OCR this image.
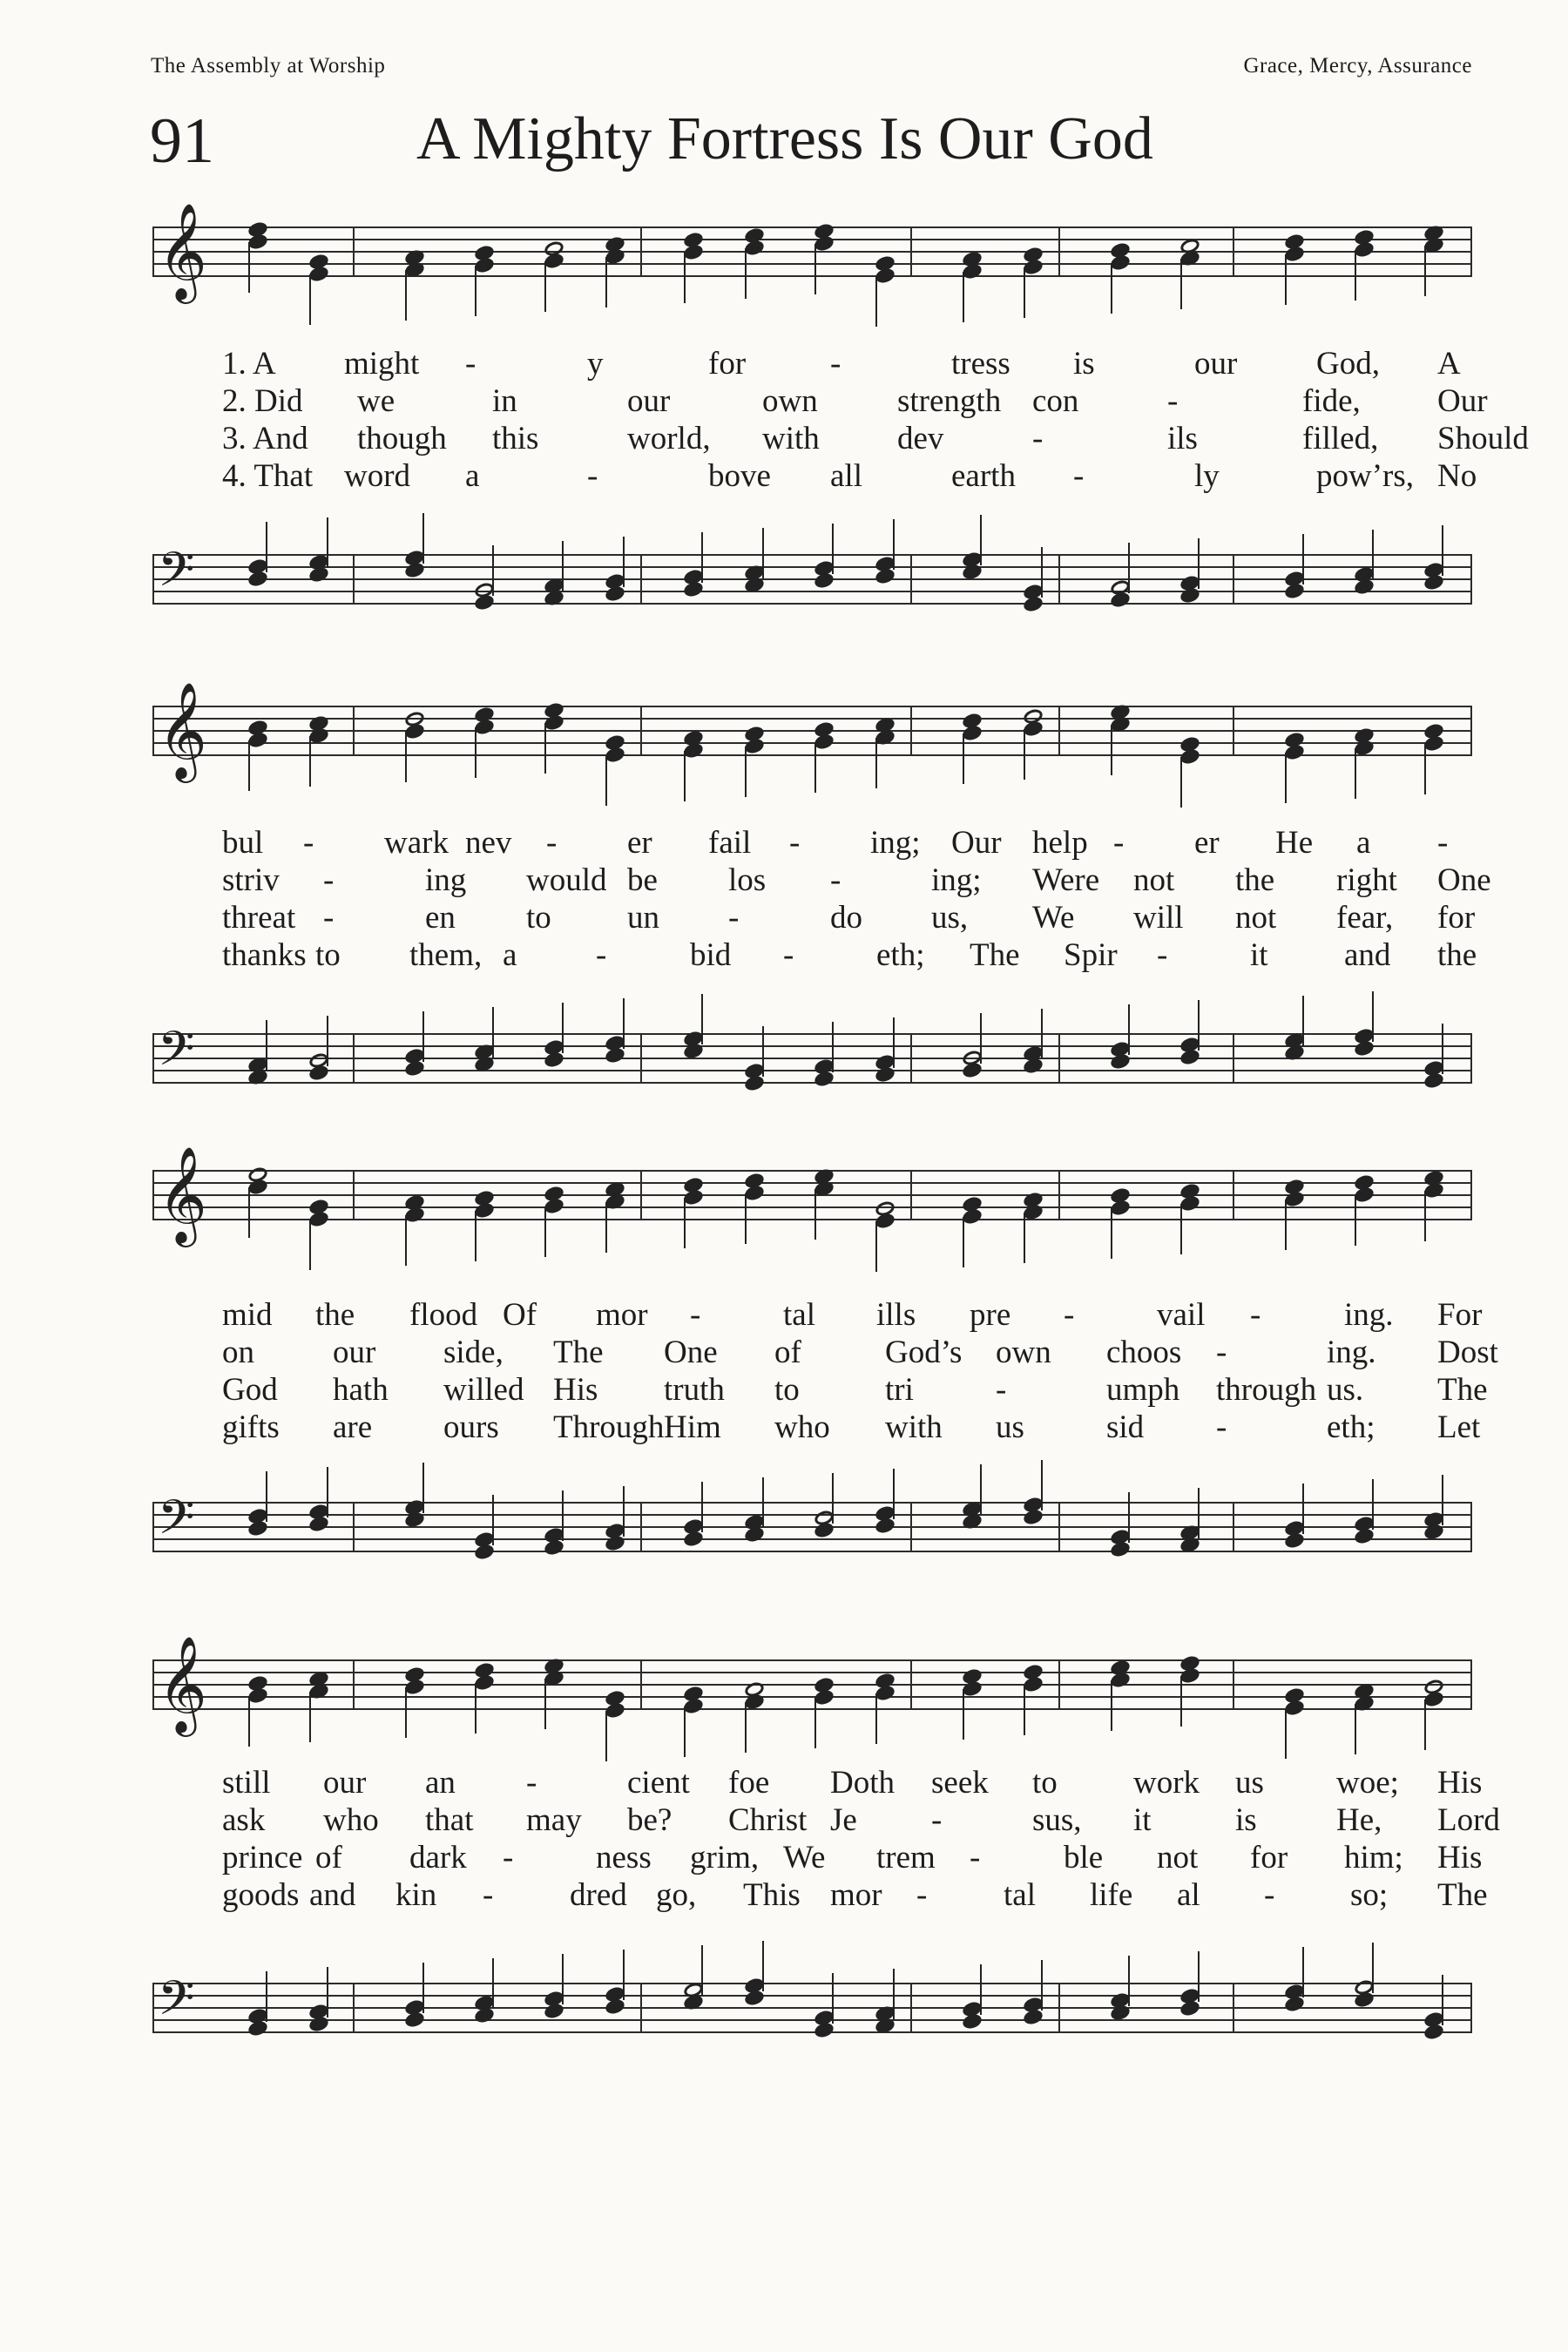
The Assembly at Worship	Grace, Mercy, Assurance
91	A Mighty Fortress Is Our God
𝄞
1. A might -	y	for	-	tress is	our God, A
2. Did we	in	our	own strength con	-	fide, Our
3. And though this	world, with dev	-	ils	filled, Should
4. That word a	-	bove all	earth -	ly	pow’rs, No
𝄢
𝄞
bul - wark nev - er fail - ing; Our help - er He a -
striv -	ing would be los -	ing; Were not the right One
threat -	en to un -	do us, We will not fear, for
thanks to them, a -	bid -	eth; The Spir -	it and the
𝄢
𝄞
mid the flood Of mor -	tal ills pre -	vail -	ing. For
on our side, The One of	God’s own choos -	ing. Dost
God hath willed His truth to	tri	-	umph through us. The
gifts are ours Through Him who with us	sid -	eth; Let
𝄢
𝄞
still our an -	cient foe Doth seek to work us woe; His
ask who that may be? Christ Je -	sus, it	is He, Lord
prince of dark -	ness grim, We trem -	ble not for him; His
goods and kin - dred go, This mor - tal life al - so; The
𝄢
